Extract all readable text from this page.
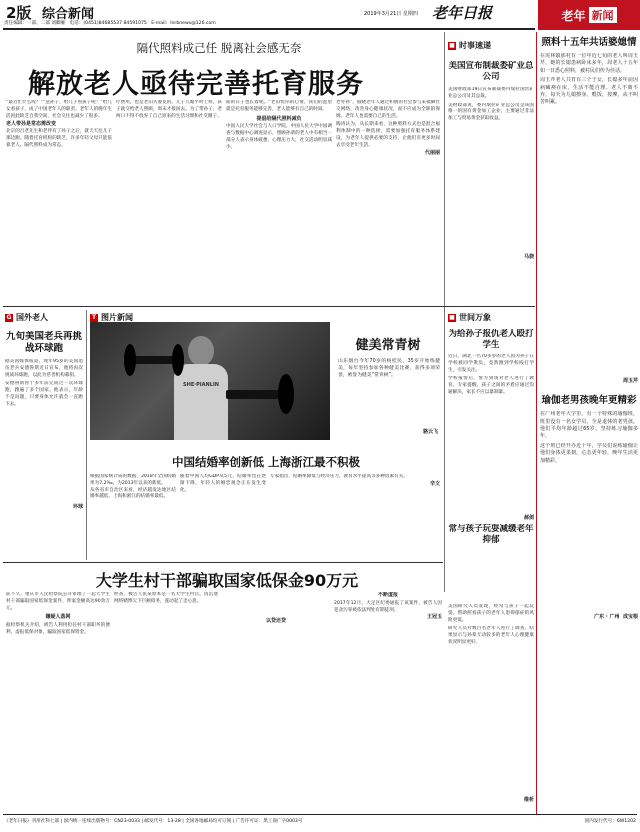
2版 综合新闻	2019年3月21日 星期四 老年日报
责任编辑：一部、二部 刘卿雁 电话：(0451)84685537 84591075 E-mail：lnrbnews@126.com
老年 新闻
隔代照料成己任 脱离社会感无奈
解放老人亟待完善托育服务
“最近忙什么呢？”“送孙子，给儿子看孩子呢！”给儿女看孩子，成了中国老年人的职责。老年人的晚年生活因此缺乏自我空间，社会交往也减少了很多。
老人带孙是常态需改变
北京的吕老先生和老伴有了孙子之后，就天天往儿子那边跑。随着托育机构的缺乏，许多年轻父母只能依靠老人，隔代照料成为常态。
疗费用，也是老旧夫妻花的。儿子儿媳平时上班，孩子就交给老人照顾，周末才接回去。为了带孙子，老两口不得不放弃了自己原来的生活习惯和社交圈子。
面的日子也长着呢。“老旧忧你的心情，我们的愿望就是托育服务能够完善，老人能够有自己的时间。
提倡给隔代照料减负
中国人民大学社会与人口学院、中国人民大学中国调查与数据中心调查显示，照顾孙辈的老人中有相当一部分人表示身体疲惫，心理压力大，社交活动明显减少。
老外孙”，殷晓老年人通过积极的社会参与来抵御社交网络，改善身心健康状况，而不应成为全职的保姆。老年人也需要自己的生活。
陶涛认为，从长期来看，这种照料方式也是混合福利体制中的一种选择，需要加强托育服务体系建设，为老年人提供必要的支持，让他们有更多时间去享受老年生活。
代丽丽
■ 时事速递
美国宣布制裁委矿业总公司
美国财政部19日宣布制裁委内瑞拉国营矿业总公司及其总裁。
美财政部说，委内瑞拉矿业总公司是该国唯一的国有黄金加工企业，主要通过非法加工与贸易黄金获取收益。
马骁
■ 世间万象
为给孙子报仇老人殴打学生
近日，湖北一名70多岁的老人因为孙子在学校被同学欺负，竟然跑到学校殴打学生，引发关注。
学校报警后，警方到场对老人进行了教育。专家提醒，孩子之间的矛盾应通过沟通解决，家长不应以暴制暴。
郝剑
常与孩子玩耍减缓老年抑郁
美国研究人员发现，经常与孩子一起玩耍、帮助照看孩子的老年人患抑郁症的风险更低。
研究人员对数百名老年人进行了调查，结果显示与孙辈互动较多的老年人心理健康状况明显更好。
维析
G 国外老人
九旬美国老兵再挑战环球跑
据美国媒体报道，现年95岁的美国退伍老兵安德鲁斯近日宣布，他将再次挑战环球跑，以此为慈善机构募捐。
安德鲁斯曾于多年前完成过一次环球跑，跑遍了多个国家。他表示，年龄不是问题，只要身体允许就会一直跑下去。
环球
T 图片新闻
SHE·PIANLIN
健美常青树
山东烟台今年70岁的杨桂民，35岁开始练健美，每年坚持参加各种健美比赛，获得多项荣誉，被誉为健美“常青树”。
骆云飞
中国结婚率创新低 上海浙江最不积极
根据国家统计局的数据，2018年全国结婚率为7.2‰，为2013年以来的新低。
从各省市自治区来看，经济越发达地区结婚率越低，上海和浙江的结婚率最低。
随着中国人均GDP从5元，结婚率也在逐渐下降，年轻人的婚恋观念正在发生变化。
专家指出，结婚率降低与经济压力、教育水平提高等多种因素有关。
辛文
大学生村干部骗取国家低保金90万元
前不久，重庆市人民检察院公开审理了一起大学生村干部骗取国家低保金案件，涉案金额高达90余万元。
嫌疑人落网
据检察机关介绍，被告人利用担任村干部职务的便利，虚报低保对象，骗取国家低保资金。
经查，被告人张某原本是一名大学生村官，因沉迷网络赌博欠下巨额债务，遂动起了歪心思。
以贷还贷
不断虚报
2017年12月，大足区纪委通报了该案件，被告人因犯贪污罪被依法判处有期徒刑。
王冠玉
照料十五年共话婆媳情
在虎林镇那村有一位年近七旬的老人叫周玉芹，她的长媳患病卧床多年，周老人十五年如一日悉心照料，被村民们传为佳话。
周玉芹老人共育有三个子女，长媳多年前因病瘫痪在床，生活不能自理。老人不离不弃，每天为儿媳擦身、喂饭、按摩，从不叫苦叫累。
周玉芹
瑜伽老男孩晚年更精彩
在广州老年大学里，有一个特殊的瑜伽班，班里没有一名女学员，全是退休的老男孩。他们平均年龄超过65岁，坚持练习瑜伽多年。
这个班已经开办近十年，学员们说练瑜伽让他们身体更柔韧，心态更年轻，晚年生活更加精彩。
广东 · 广州 成宝根
《老年日报》刊用社科七部 | 国内统一连续出版物号：CN23-0033 | 邮发代号：13-28 | 全国各地邮局均可订阅 | 广告许可证：黑工商广字0003号	国内发行代号：6W1202
